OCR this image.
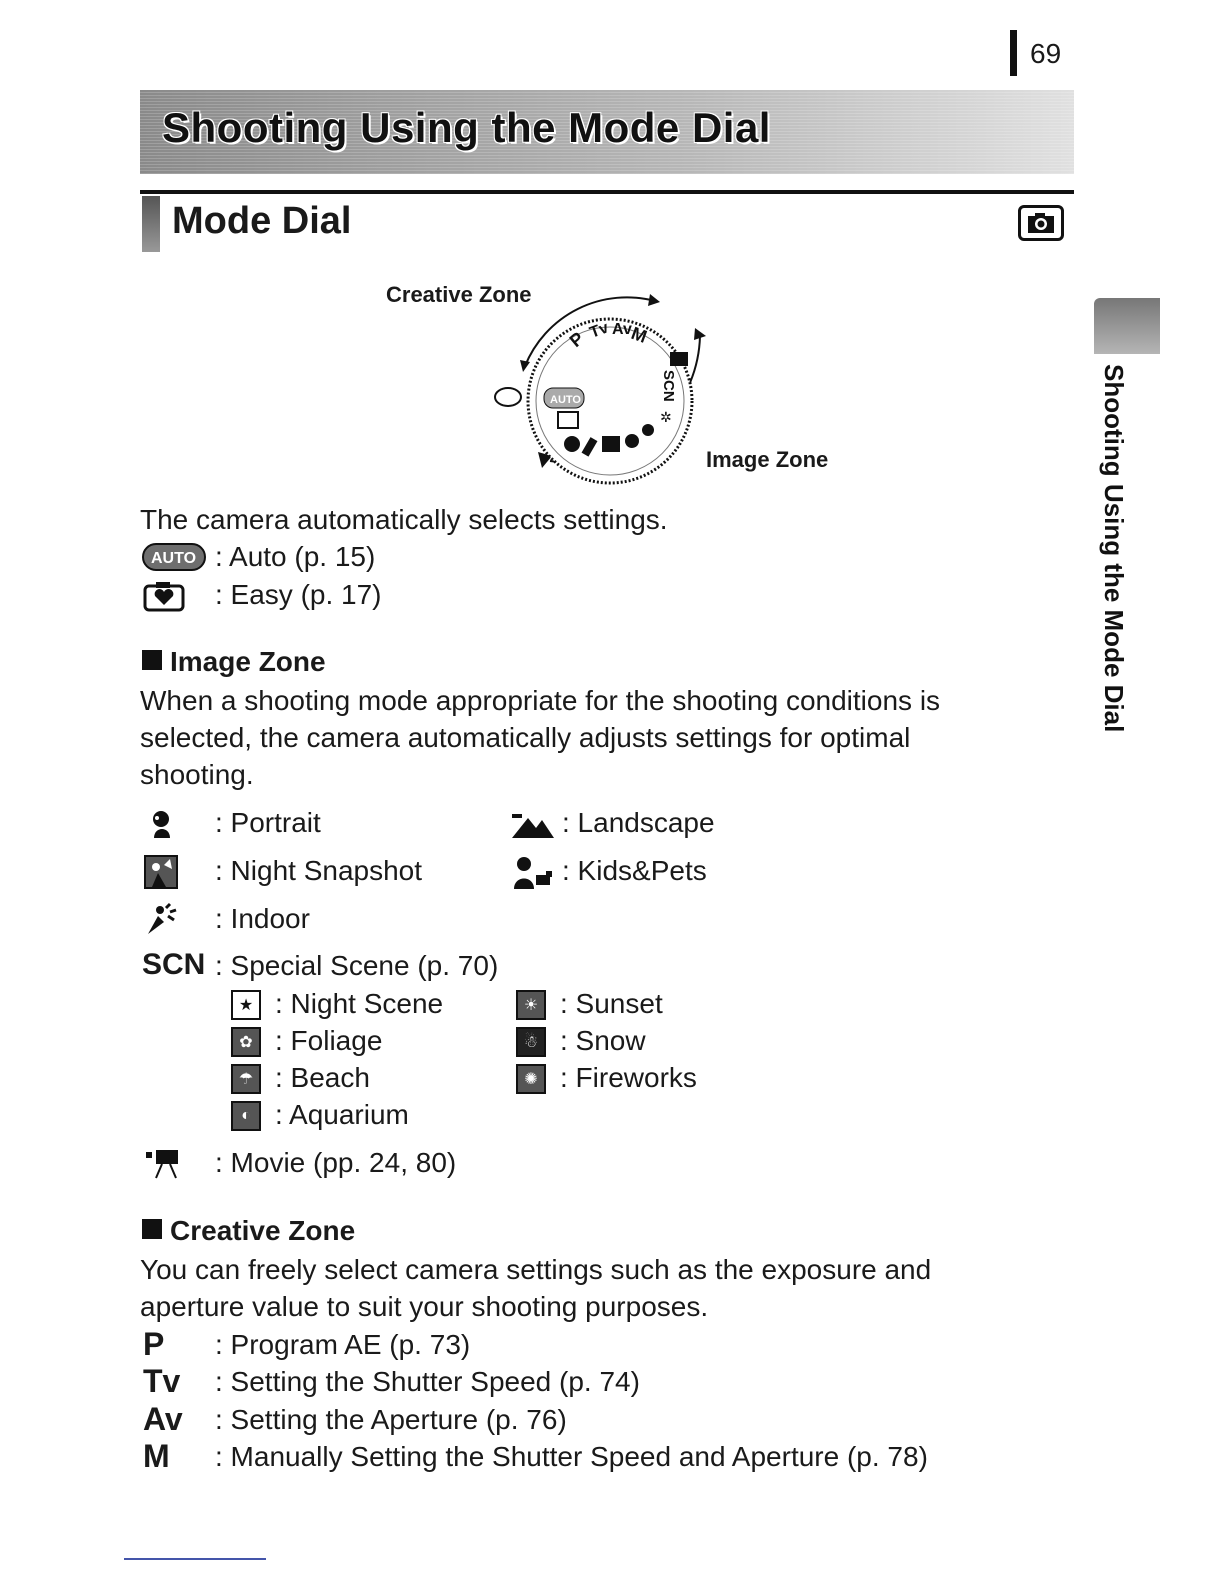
69
Shooting Using the Mode Dial
Mode Dial
Shooting Using the Mode Dial
P Tv Av
M
SCN
AUTO
✲
Creative Zone
Image Zone
The camera automatically selects settings.
AUTO : Auto (p. 15)
: Easy (p. 17)
Image Zone
When a shooting mode appropriate for the shooting conditions is
selected, the camera automatically adjusts settings for optimal
shooting.
: Portrait	: Landscape
: Night Snapshot	: Kids&Pets
: Indoor
SCN : Special Scene (p. 70)
★ : Night Scene	☀ : Sunset
✿ : Foliage	☃ : Snow
☂ : Beach	✺ : Fireworks
◐ : Aquarium
: Movie (pp. 24, 80)
Creative Zone
You can freely select camera settings such as the exposure and
aperture value to suit your shooting purposes.
P : Program AE (p. 73)
Tv : Setting the Shutter Speed (p. 74)
Av : Setting the Aperture (p. 76)
M : Manually Setting the Shutter Speed and Aperture (p. 78)
